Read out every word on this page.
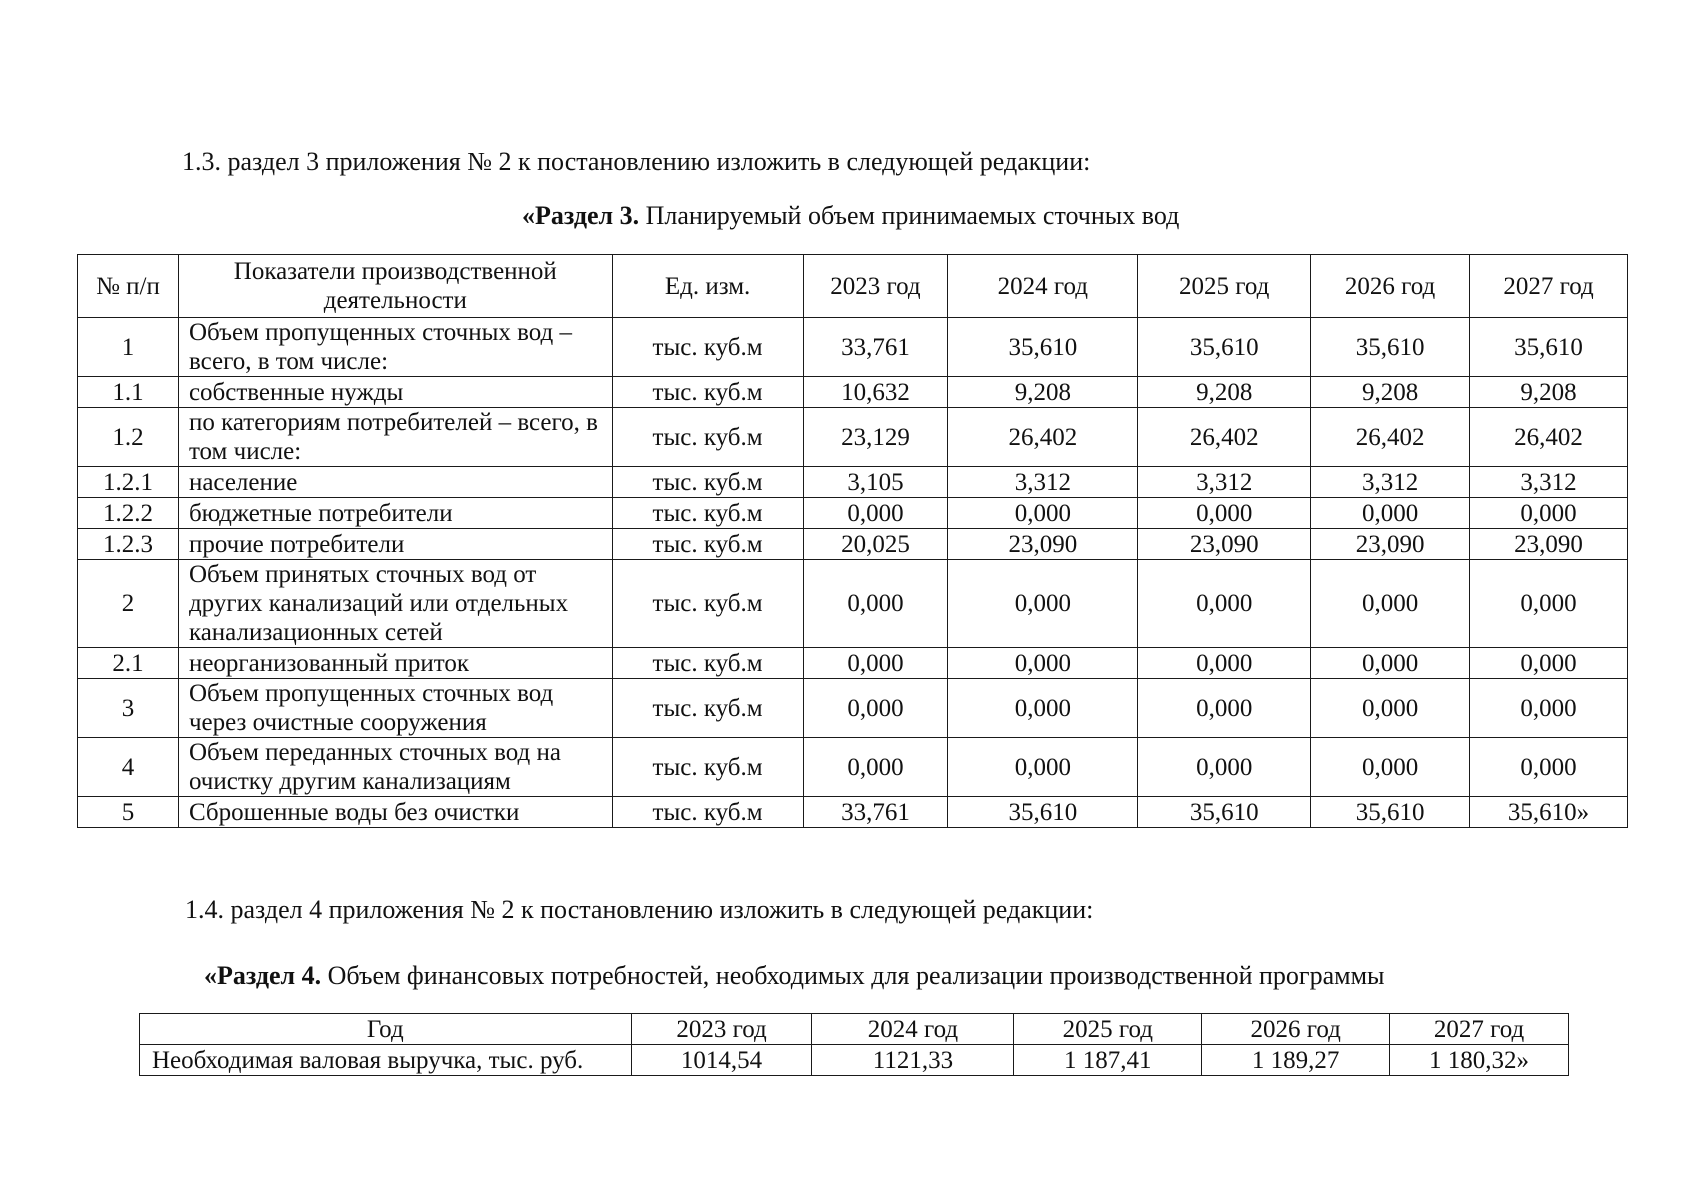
1.3. раздел 3 приложения № 2 к постановлению изложить в следующей редакции:
«Раздел 3. Планируемый объем принимаемых сточных вод
№ п/п	Показатели производственной деятельности	Ед. изм.	2023 год	2024 год	2025 год	2026 год	2027 год
1	Объем пропущенных сточных вод – всего, в том числе:	тыс. куб.м	33,761	35,610	35,610	35,610	35,610
1.1	собственные нужды	тыс. куб.м	10,632	9,208	9,208	9,208	9,208
1.2	по категориям потребителей – всего, в том числе:	тыс. куб.м	23,129	26,402	26,402	26,402	26,402
1.2.1	население	тыс. куб.м	3,105	3,312	3,312	3,312	3,312
1.2.2	бюджетные потребители	тыс. куб.м	0,000	0,000	0,000	0,000	0,000
1.2.3	прочие потребители	тыс. куб.м	20,025	23,090	23,090	23,090	23,090
2	Объем принятых сточных вод от других канализаций или отдельных канализационных сетей	тыс. куб.м	0,000	0,000	0,000	0,000	0,000
2.1	неорганизованный приток	тыс. куб.м	0,000	0,000	0,000	0,000	0,000
3	Объем пропущенных сточных вод через очистные сооружения	тыс. куб.м	0,000	0,000	0,000	0,000	0,000
4	Объем переданных сточных вод на очистку другим канализациям	тыс. куб.м	0,000	0,000	0,000	0,000	0,000
5	Сброшенные воды без очистки	тыс. куб.м	33,761	35,610	35,610	35,610	35,610»
1.4. раздел 4 приложения № 2 к постановлению изложить в следующей редакции:
«Раздел 4. Объем финансовых потребностей, необходимых для реализации производственной программы
Год	2023 год	2024 год	2025 год	2026 год	2027 год
Необходимая валовая выручка, тыс. руб.	1014,54	1121,33	1 187,41	1 189,27	1 180,32»
